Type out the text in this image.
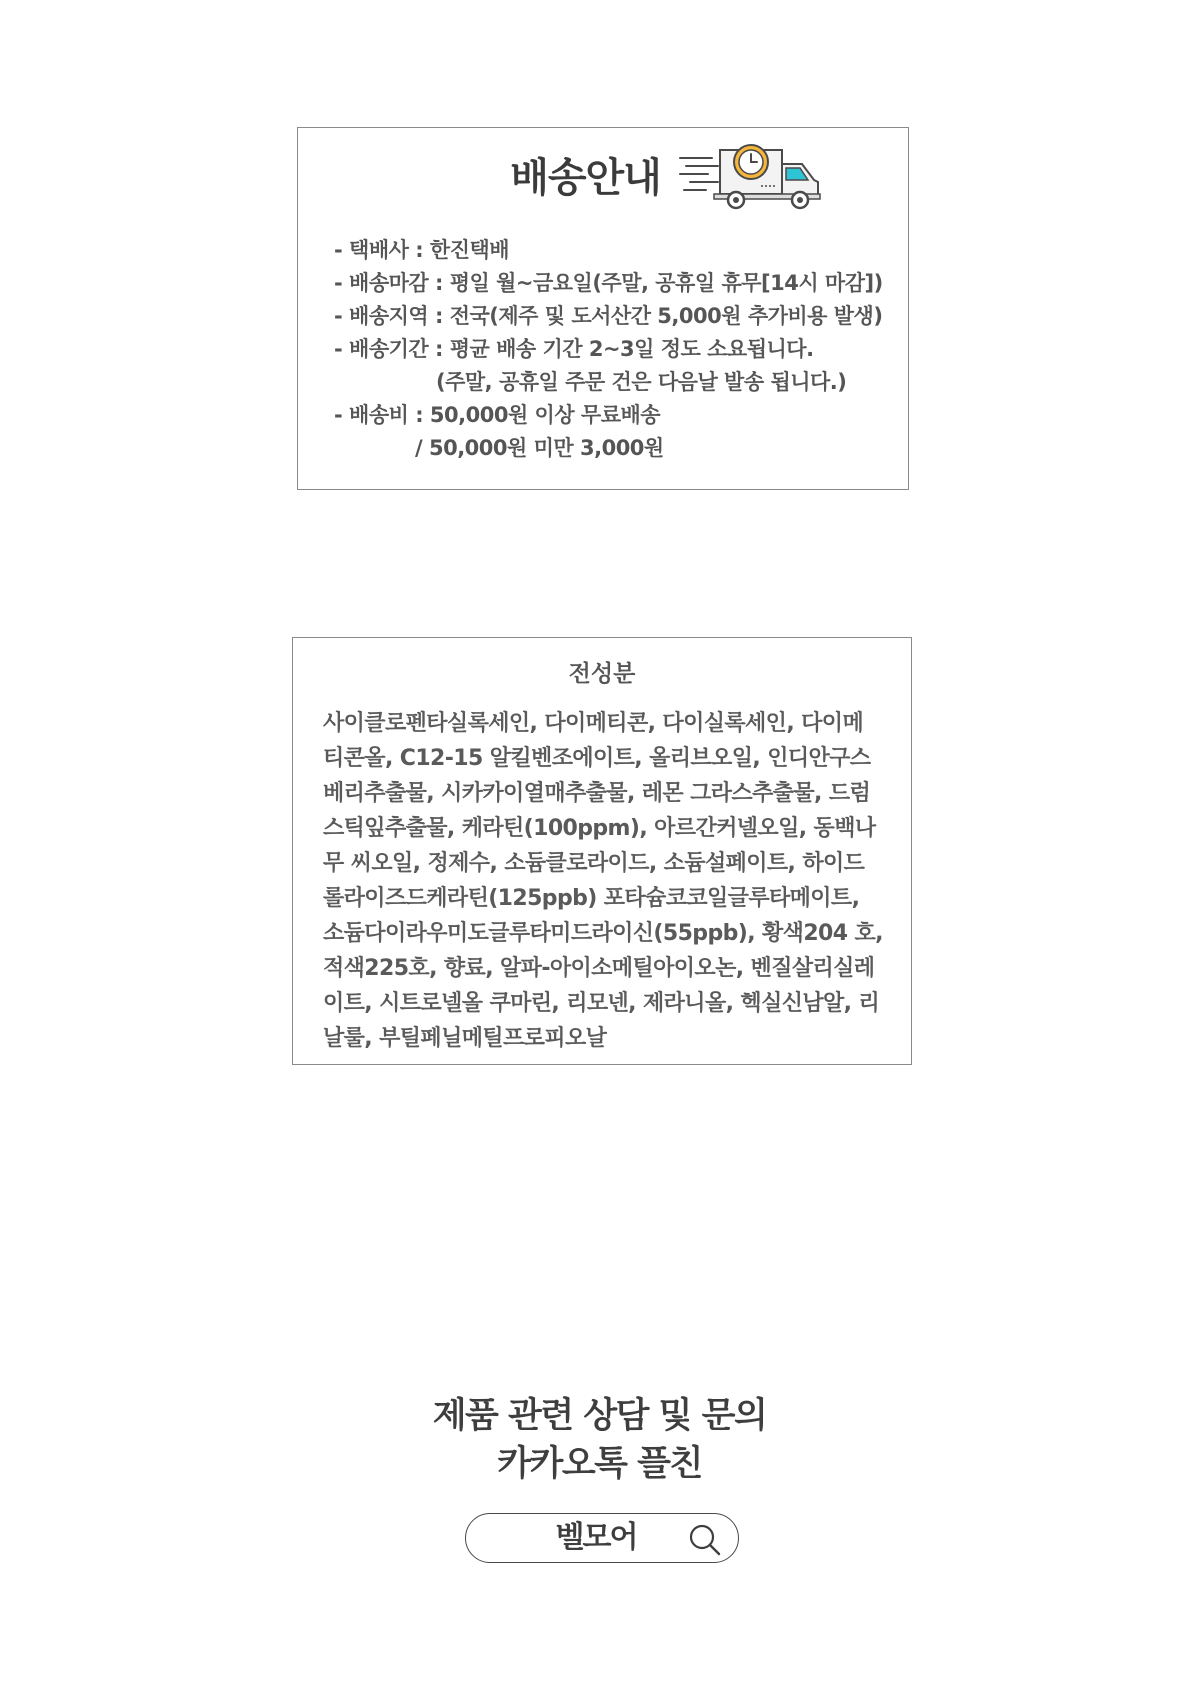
배송안내
- 택배사 : 한진택배
- 배송마감 : 평일 월~금요일(주말, 공휴일 휴무[14시 마감])
- 배송지역 : 전국(제주 및 도서산간 5,000원 추가비용 발생)
- 배송기간 : 평균 배송 기간 2~3일 정도 소요됩니다.
(주말, 공휴일 주문 건은 다음날 발송 됩니다.)
- 배송비 : 50,000원 이상 무료배송
/ 50,000원 미만 3,000원
전성분

사이클로펜타실록세인, 다이메티콘, 다이실록세인, 다이메티콘올, C12-15 알킬벤조에이트, 올리브오일, 인디안구스베리추출물, 시카카이열매추출물, 레몬 그라스추출물, 드럼스틱잎추출물, 케라틴(100ppm), 아르간커넬오일, 동백나무 씨오일, 정제수, 소듐클로라이드, 소듐설페이트, 하이드롤라이즈드케라틴(125ppb) 포타슘코코일글루타메이트, 소듐다이라우미도글루타미드라이신(55ppb), 황색204 호, 적색225호, 향료, 알파-아이소메틸아이오논, 벤질살리실레이트, 시트로넬올 쿠마린, 리모넨, 제라니올, 헥실신남알, 리날룰, 부틸페닐메틸프로피오날

제품 관련 상담 및 문의
카카오톡 플친
벨모어
